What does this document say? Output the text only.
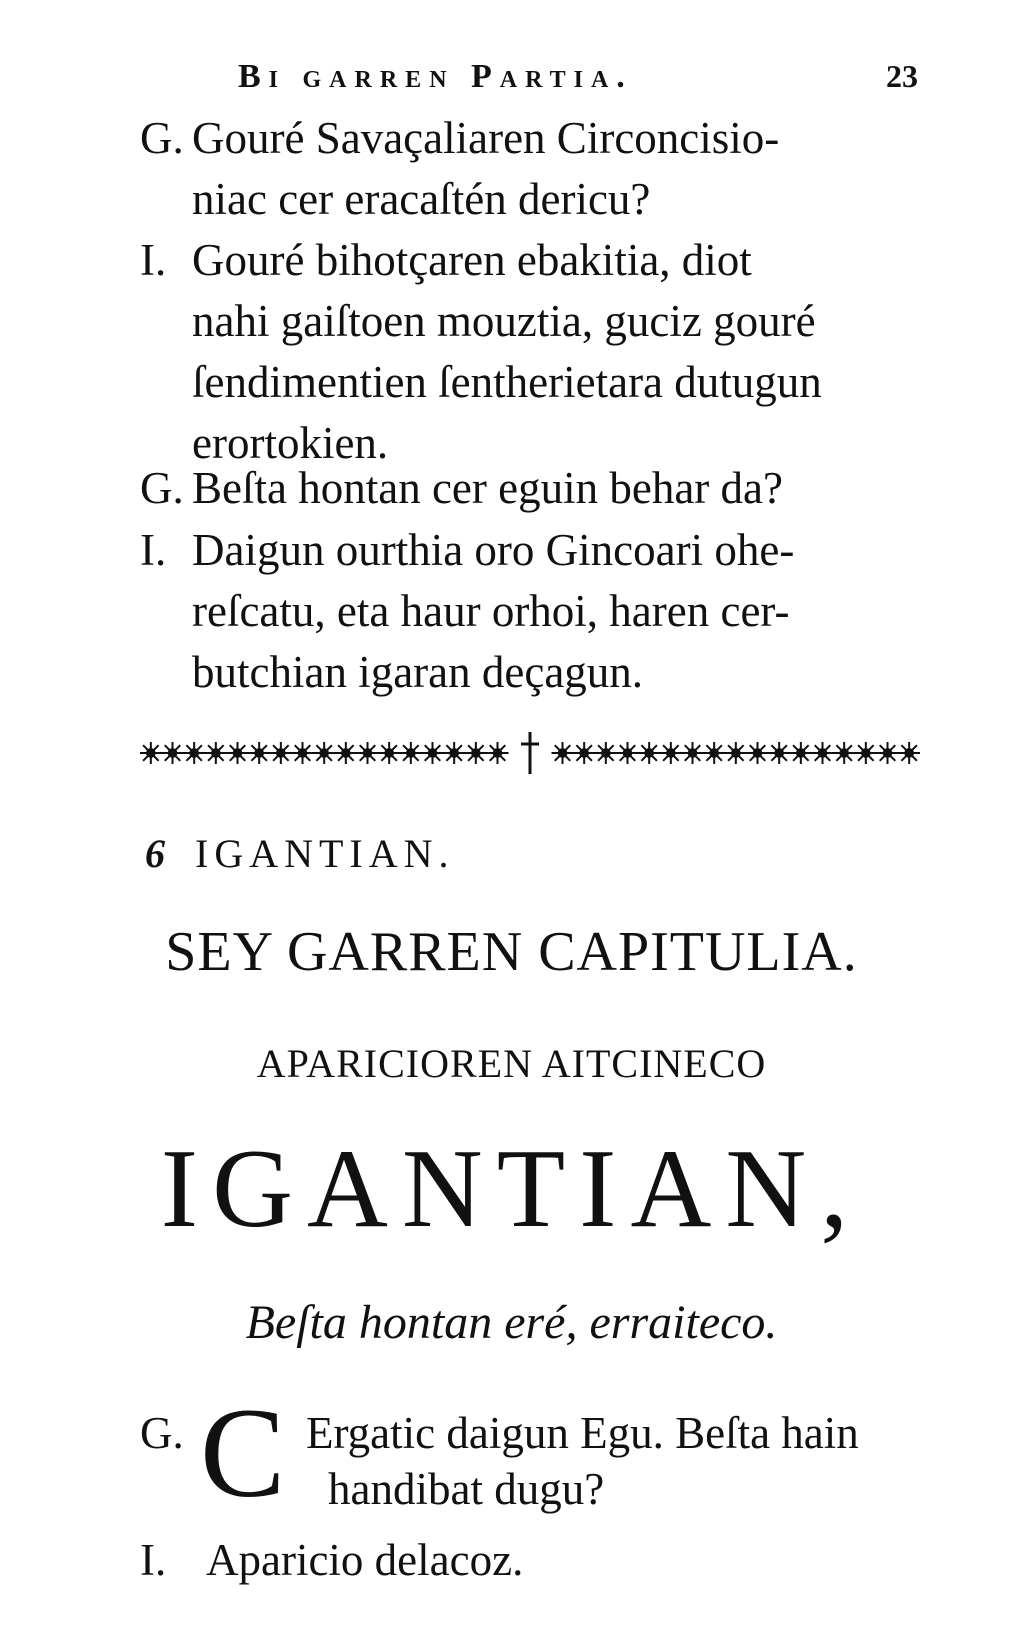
Bi garren Partia.	23
G. Gouré Savaçaliaren Circoncisio-
niac cer eracaſtén dericu?
I. Gouré bihotçaren ebakitia, diot
nahi gaiſtoen mouztia, guciz gouré
ſendimentien ſentherietara dutugun
erortokien.
G. Beſta hontan cer eguin behar da?
I. Daigun ourthia oro Gincoari ohe-
reſcatu, eta haur orhoi, haren cer-
butchian igaran deçagun.
6 IGANTIAN.
SEY GARREN CAPITULIA.
APARICIOREN AITCINECO
IGANTIAN,
Beſta hontan eré, erraiteco.
G. C Ergatic daigun Egu. Beſta hain
handibat dugu?
I. Aparicio delacoz.
